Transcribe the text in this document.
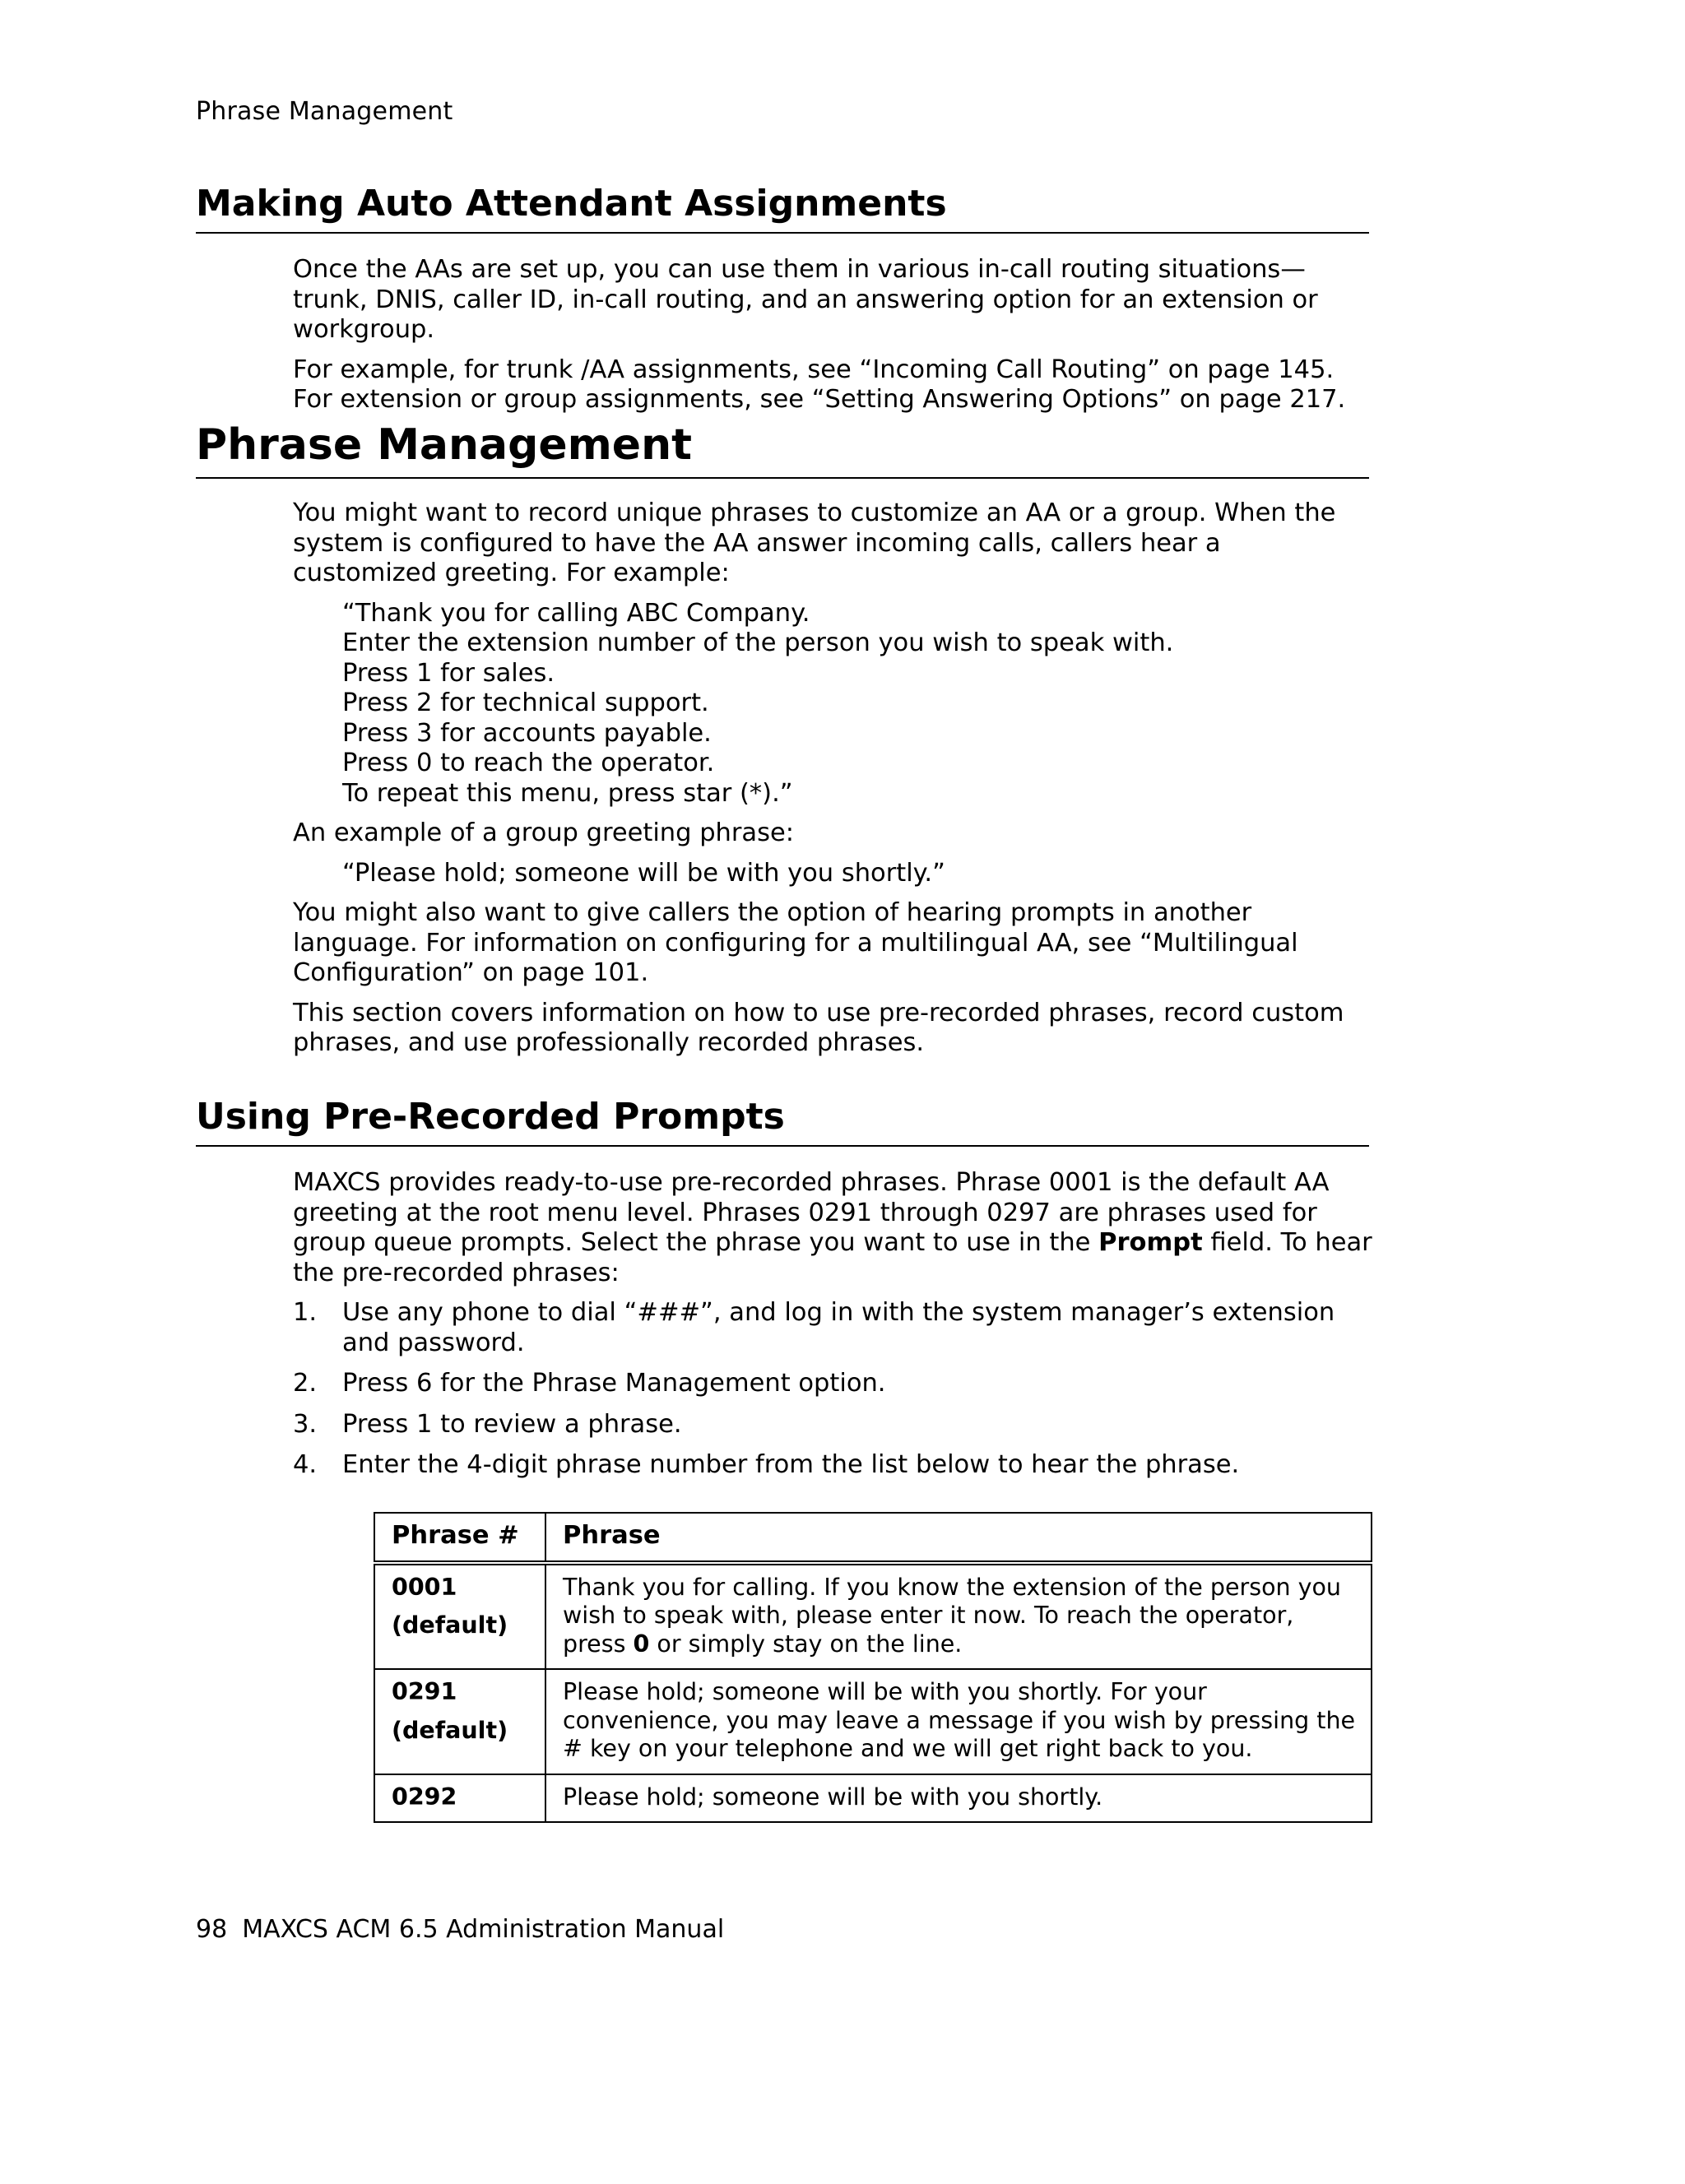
Phrase Management
Making Auto Attendant Assignments

Once the AAs are set up, you can use them in various in-call routing situations—trunk, DNIS, caller ID, in-call routing, and an answering option for an extension or workgroup.

For example, for trunk /AA assignments, see “Incoming Call Routing” on page 145. For extension or group assignments, see “Setting Answering Options” on page 217.

Phrase Management

You might want to record unique phrases to customize an AA or a group. When the system is configured to have the AA answer incoming calls, callers hear a customized greeting. For example:

“Thank you for calling ABC Company.
Enter the extension number of the person you wish to speak with.
Press 1 for sales.
Press 2 for technical support.
Press 3 for accounts payable.
Press 0 to reach the operator.
To repeat this menu, press star (*).”

An example of a group greeting phrase:

“Please hold; someone will be with you shortly.”

You might also want to give callers the option of hearing prompts in another language. For information on configuring for a multilingual AA, see “Multilingual Configuration” on page 101.

This section covers information on how to use pre-recorded phrases, record custom phrases, and use professionally recorded phrases.

Using Pre-Recorded Prompts

MAXCS provides ready-to-use pre-recorded phrases. Phrase 0001 is the default AA greeting at the root menu level. Phrases 0291 through 0297 are phrases used for group queue prompts. Select the phrase you want to use in the Prompt field. To hear the pre-recorded phrases:

1.	Use any phone to dial “###”, and log in with the system manager’s extension and password.
2.	Press 6 for the Phrase Management option.
3.	Press 1 to review a phrase.
4.	Enter the 4-digit phrase number from the list below to hear the phrase.
Phrase #	Phrase

0001
(default)	Thank you for calling. If you know the extension of the person you wish to speak with, please enter it now. To reach the operator, press 0 or simply stay on the line.

0291
(default)	Please hold; someone will be with you shortly. For your convenience, you may leave a message if you wish by pressing the # key on your telephone and we will get right back to you.
0292	Please hold; someone will be with you shortly.
98 MAXCS ACM 6.5 Administration Manual
